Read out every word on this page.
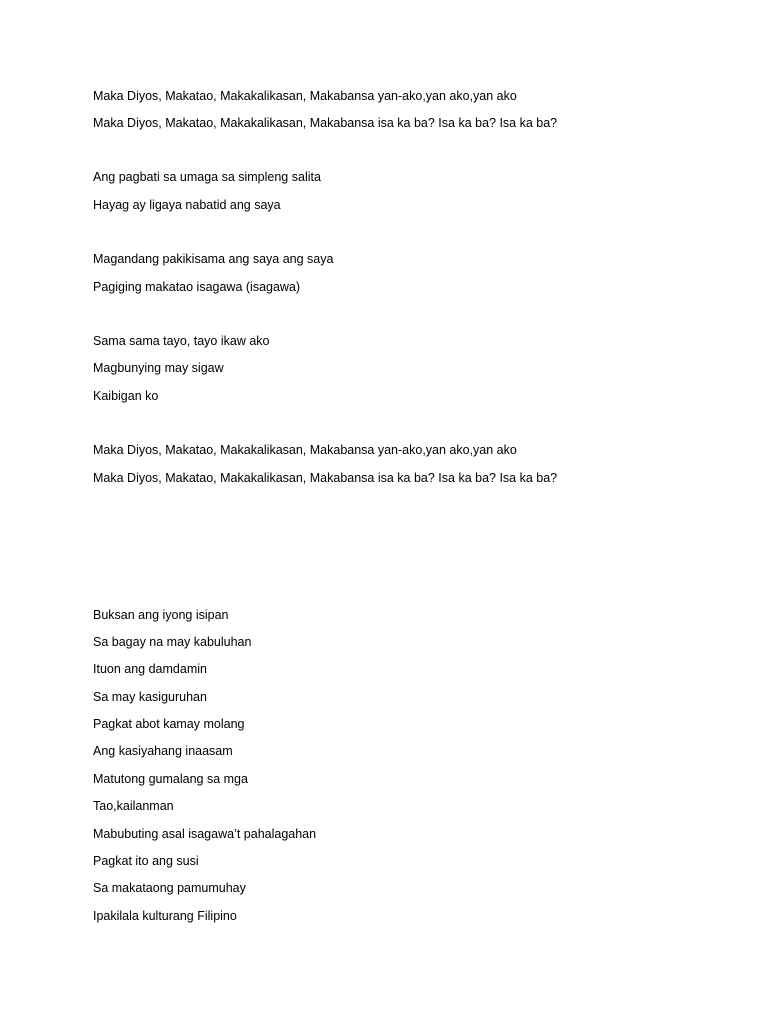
Maka Diyos, Makatao, Makakalikasan, Makabansa yan-ako,yan ako,yan ako
Maka Diyos, Makatao, Makakalikasan, Makabansa isa ka ba? Isa ka ba? Isa ka ba?
Ang pagbati sa umaga sa simpleng salita
Hayag ay ligaya nabatid ang saya
Magandang pakikisama ang saya ang saya
Pagiging makatao isagawa (isagawa)
Sama sama tayo, tayo ikaw ako
Magbunying may sigaw
Kaibigan ko
Maka Diyos, Makatao, Makakalikasan, Makabansa yan-ako,yan ako,yan ako
Maka Diyos, Makatao, Makakalikasan, Makabansa isa ka ba? Isa ka ba? Isa ka ba?
Buksan ang iyong isipan
Sa bagay na may kabuluhan
Ituon ang damdamin
Sa may kasiguruhan
Pagkat abot kamay molang
Ang kasiyahang inaasam
Matutong gumalang sa mga
Tao,kailanman
Mabubuting asal isagawa’t pahalagahan
Pagkat ito ang susi
Sa makataong pamumuhay
Ipakilala kulturang Filipino
